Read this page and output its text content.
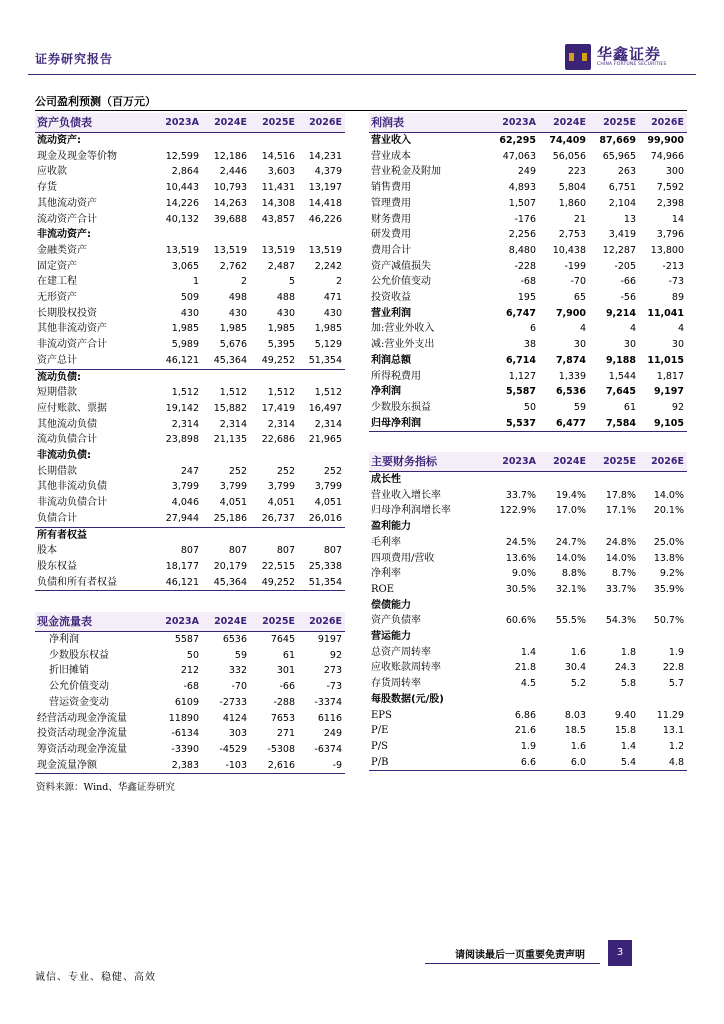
证券研究报告	华鑫证券
CHINA FORTUNE SECURITIES
公司盈利预测（百万元）
资产负债表	2023A	2024E	2025E	2026E
流动资产:				
现金及现金等价物	12,599	12,186	14,516	14,231
应收款	2,864	2,446	3,603	4,379
存货	10,443	10,793	11,431	13,197
其他流动资产	14,226	14,263	14,308	14,418
流动资产合计	40,132	39,688	43,857	46,226
非流动资产:				
金融类资产	13,519	13,519	13,519	13,519
固定资产	3,065	2,762	2,487	2,242
在建工程	1	2	5	2
无形资产	509	498	488	471
长期股权投资	430	430	430	430
其他非流动资产	1,985	1,985	1,985	1,985
非流动资产合计	5,989	5,676	5,395	5,129
资产总计	46,121	45,364	49,252	51,354
流动负债:				
短期借款	1,512	1,512	1,512	1,512
应付账款、票据	19,142	15,882	17,419	16,497
其他流动负债	2,314	2,314	2,314	2,314
流动负债合计	23,898	21,135	22,686	21,965
非流动负债:				
长期借款	247	252	252	252
其他非流动负债	3,799	3,799	3,799	3,799
非流动负债合计	4,046	4,051	4,051	4,051
负债合计	27,944	25,186	26,737	26,016
所有者权益				
股本	807	807	807	807
股东权益	18,177	20,179	22,515	25,338
负债和所有者权益	46,121	45,364	49,252	51,354
利润表	2023A	2024E	2025E	2026E
营业收入	62,295	74,409	87,669	99,900
营业成本	47,063	56,056	65,965	74,966
营业税金及附加	249	223	263	300
销售费用	4,893	5,804	6,751	7,592
管理费用	1,507	1,860	2,104	2,398
财务费用	-176	21	13	14
研发费用	2,256	2,753	3,419	3,796
费用合计	8,480	10,438	12,287	13,800
资产减值损失	-228	-199	-205	-213
公允价值变动	-68	-70	-66	-73
投资收益	195	65	-56	89
营业利润	6,747	7,900	9,214	11,041
加:营业外收入	6	4	4	4
减:营业外支出	38	30	30	30
利润总额	6,714	7,874	9,188	11,015
所得税费用	1,127	1,339	1,544	1,817
净利润	5,587	6,536	7,645	9,197
少数股东损益	50	59	61	92
归母净利润	5,537	6,477	7,584	9,105
主要财务指标	2023A	2024E	2025E	2026E
成长性				
营业收入增长率	33.7%	19.4%	17.8%	14.0%
归母净利润增长率	122.9%	17.0%	17.1%	20.1%
盈利能力				
毛利率	24.5%	24.7%	24.8%	25.0%
四项费用/营收	13.6%	14.0%	14.0%	13.8%
净利率	9.0%	8.8%	8.7%	9.2%
ROE	30.5%	32.1%	33.7%	35.9%
偿债能力				
资产负债率	60.6%	55.5%	54.3%	50.7%
营运能力				
总资产周转率	1.4	1.6	1.8	1.9
应收账款周转率	21.8	30.4	24.3	22.8
存货周转率	4.5	5.2	5.8	5.7
每股数据(元/股)				
EPS	6.86	8.03	9.40	11.29
P/E	21.6	18.5	15.8	13.1
P/S	1.9	1.6	1.4	1.2
P/B	6.6	6.0	5.4	4.8
现金流量表	2023A	2024E	2025E	2026E
净利润	5587	6536	7645	9197
少数股东权益	50	59	61	92
折旧摊销	212	332	301	273
公允价值变动	-68	-70	-66	-73
营运资金变动	6109	-2733	-288	-3374
经营活动现金净流量	11890	4124	7653	6116
投资活动现金净流量	-6134	303	271	249
筹资活动现金净流量	-3390	-4529	-5308	-6374
现金流量净额	2,383	-103	2,616	-9
资料来源：Wind、华鑫证券研究
请阅读最后一页重要免责声明	3
诚信、专业、稳健、高效
